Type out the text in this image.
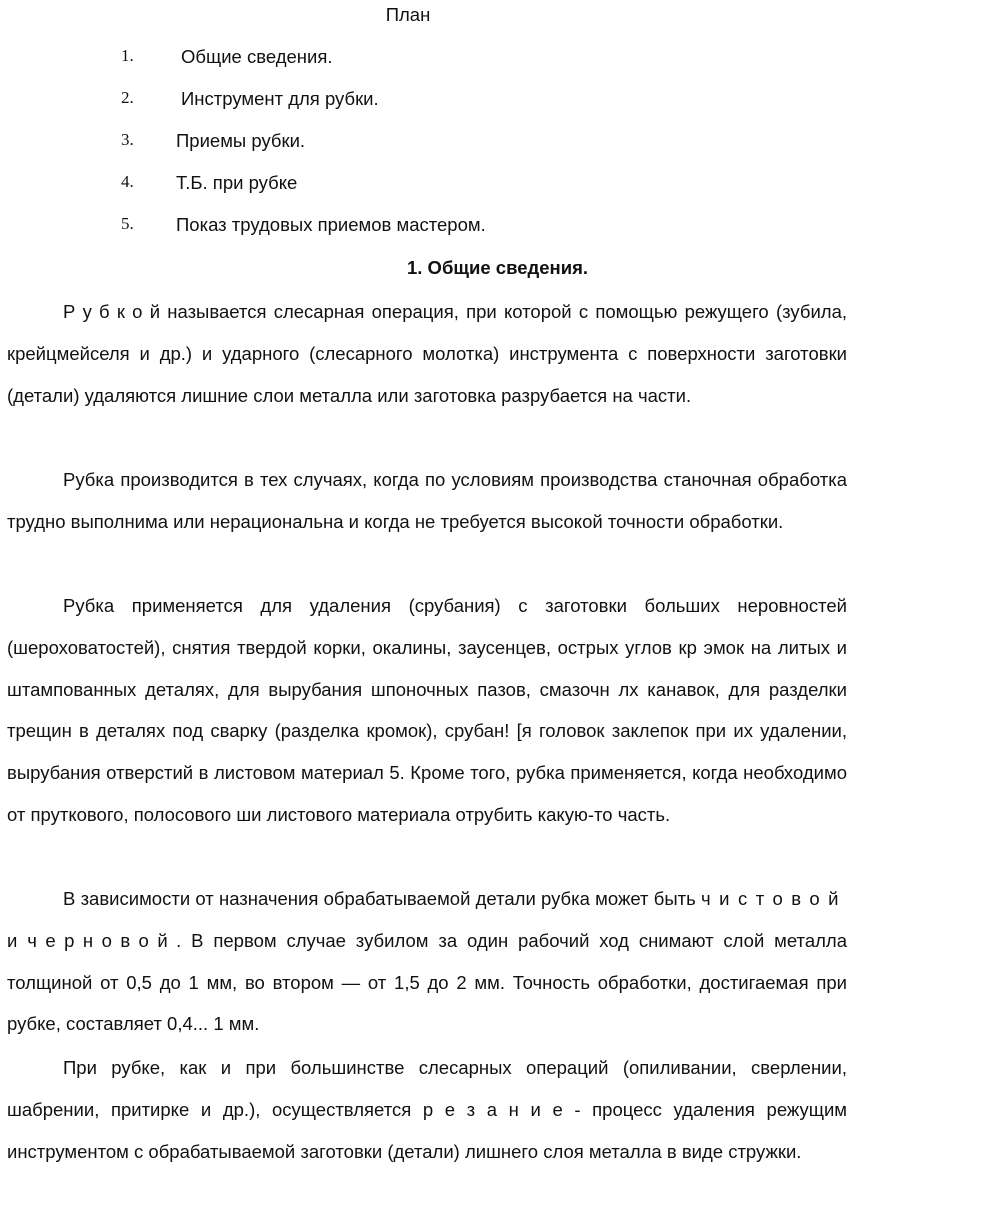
План
1.	Общие сведения.
2.	Инструмент для рубки.
3. Приемы рубки.
4. Т.Б. при рубке
5. Показ трудовых приемов мастером.
1. Общие сведения.

Р у б к о й называется слесарная операция, при которой с помощью режущего (зубила, крейцмейселя и др.) и ударного (слесарного молотка) инструмента с поверхности заготовки (детали) удаляются лишние слои металла или заготовка разрубается на части.

Рубка производится в тех случаях, когда по условиям производства станочная обработка трудно выполнима или нерациональна и когда не требуется высокой точности обработки.

Рубка применяется для удаления (срубания) с заготовки больших неровностей (шероховатостей), снятия твердой корки, окалины, заусенцев, острых углов кр эмок на литых и штампованных деталях, для вырубания шпоночных пазов, смазочн лх канавок, для разделки трещин в деталях под сварку (разделка кромок), срубан! [я головок заклепок при их удалении, вырубания отверстий в листовом материал 5. Кроме того, рубка применяется, когда необходимо от пруткового, полосового ши листового материала отрубить какую-то часть.

В зависимости от назначения обрабатываемой детали рубка может быть чистовой и черновой. В первом случае зубилом за один рабочий ход снимают слой металла толщиной от 0,5 до 1 мм, во втором — от 1,5 до 2 мм. Точность обработки, достигаемая при рубке, составляет 0,4... 1 мм.

При рубке, как и при большинстве слесарных операций (опиливании, сверлении, шабрении, притирке и др.), осуществляется р е з а н и е - процесс удаления режущим инструментом с обрабатываемой заготовки (детали) лишнего слоя металла в виде стружки.
